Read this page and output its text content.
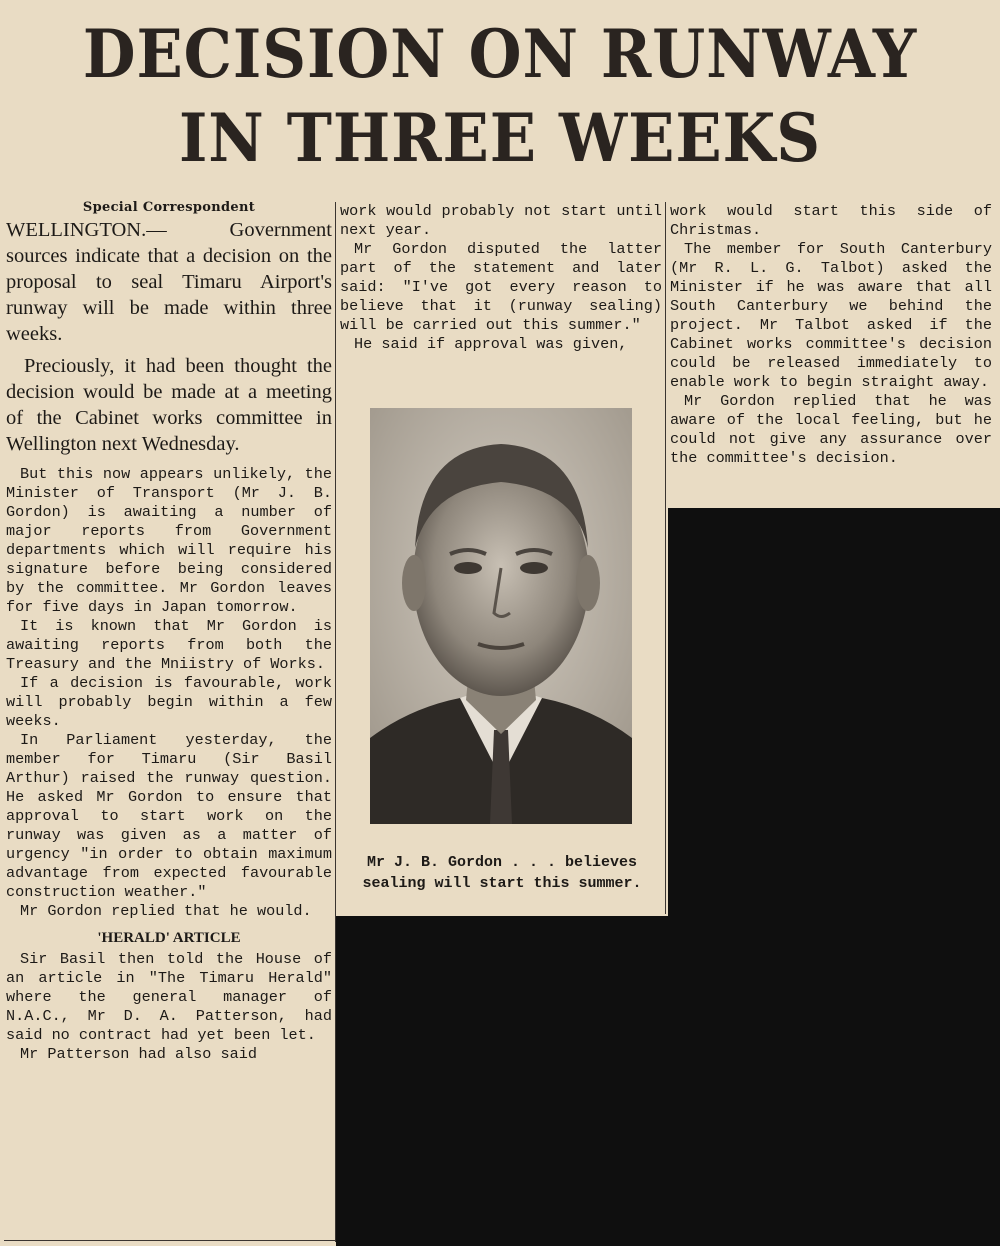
DECISION ON RUNWAY
IN THREE WEEKS
Special Correspondent

WELLINGTON.— Government sources indicate that a decision on the proposal to seal Timaru Airport's runway will be made within three weeks.

Preciously, it had been thought the decision would be made at a meeting of the Cabinet works committee in Wellington next Wednesday.

But this now appears unlikely, the Minister of Transport (Mr J. B. Gordon) is awaiting a number of major reports from Government departments which will require his signature before being considered by the committee. Mr Gordon leaves for five days in Japan tomorrow.

It is known that Mr Gordon is awaiting reports from both the Treasury and the Mniistry of Works.

If a decision is favourable, work will probably begin within a few weeks.

In Parliament yesterday, the member for Timaru (Sir Basil Arthur) raised the runway question. He asked Mr Gordon to ensure that approval to start work on the runway was given as a matter of urgency "in order to obtain maximum advantage from expected favourable construction weather."

Mr Gordon replied that he would.

'HERALD' ARTICLE

Sir Basil then told the House of an article in "The Timaru Herald" where the general manager of N.A.C., Mr D. A. Patterson, had said no contract had yet been let.

Mr Patterson had also said

work would probably not start until next year.

Mr Gordon disputed the latter part of the statement and later said: "I've got every reason to believe that it (runway sealing) will be carried out this summer."

He said if approval was given,

Mr J. B. Gordon . . . believes
sealing will start this summer.

work would start this side of Christmas.

The member for South Canterbury (Mr R. L. G. Talbot) asked the Minister if he was aware that all South Canterbury we behind the project. Mr Talbot asked if the Cabinet works committee's decision could be released immediately to enable work to begin straight away.

Mr Gordon replied that he was aware of the local feeling, but he could not give any assurance over the committee's decision.
